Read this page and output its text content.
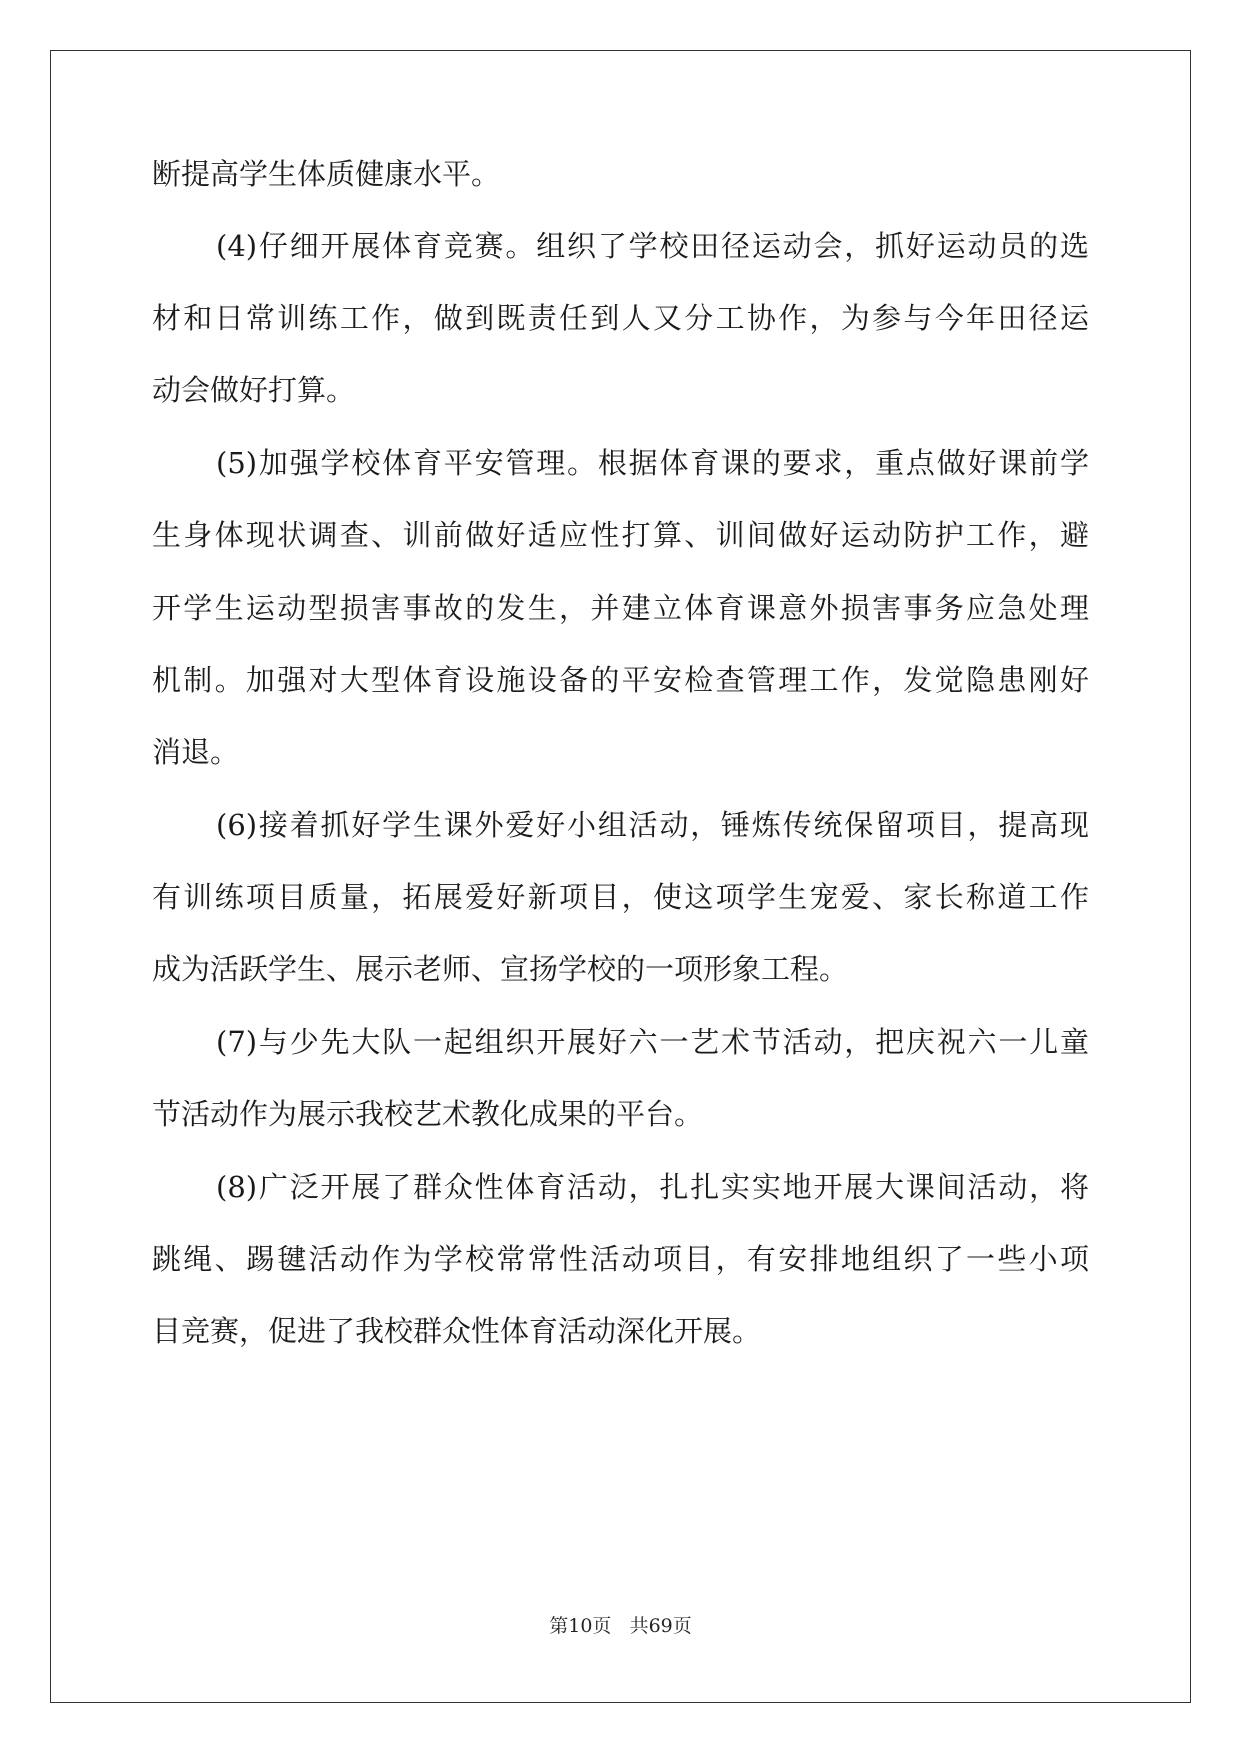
断提高学生体质健康水平。
(4)仔细开展体育竞赛。组织了学校田径运动会，抓好运动员的选
材和日常训练工作，做到既责任到人又分工协作，为参与今年田径运
动会做好打算。
(5)加强学校体育平安管理。根据体育课的要求，重点做好课前学
生身体现状调查、训前做好适应性打算、训间做好运动防护工作，避
开学生运动型损害事故的发生，并建立体育课意外损害事务应急处理
机制。加强对大型体育设施设备的平安检查管理工作，发觉隐患刚好
消退。
(6)接着抓好学生课外爱好小组活动，锤炼传统保留项目，提高现
有训练项目质量，拓展爱好新项目，使这项学生宠爱、家长称道工作
成为活跃学生、展示老师、宣扬学校的一项形象工程。
(7)与少先大队一起组织开展好六一艺术节活动，把庆祝六一儿童
节活动作为展示我校艺术教化成果的平台。
(8)广泛开展了群众性体育活动，扎扎实实地开展大课间活动，将
跳绳、踢毽活动作为学校常常性活动项目，有安排地组织了一些小项
目竞赛，促进了我校群众性体育活动深化开展。
第10页 共69页
